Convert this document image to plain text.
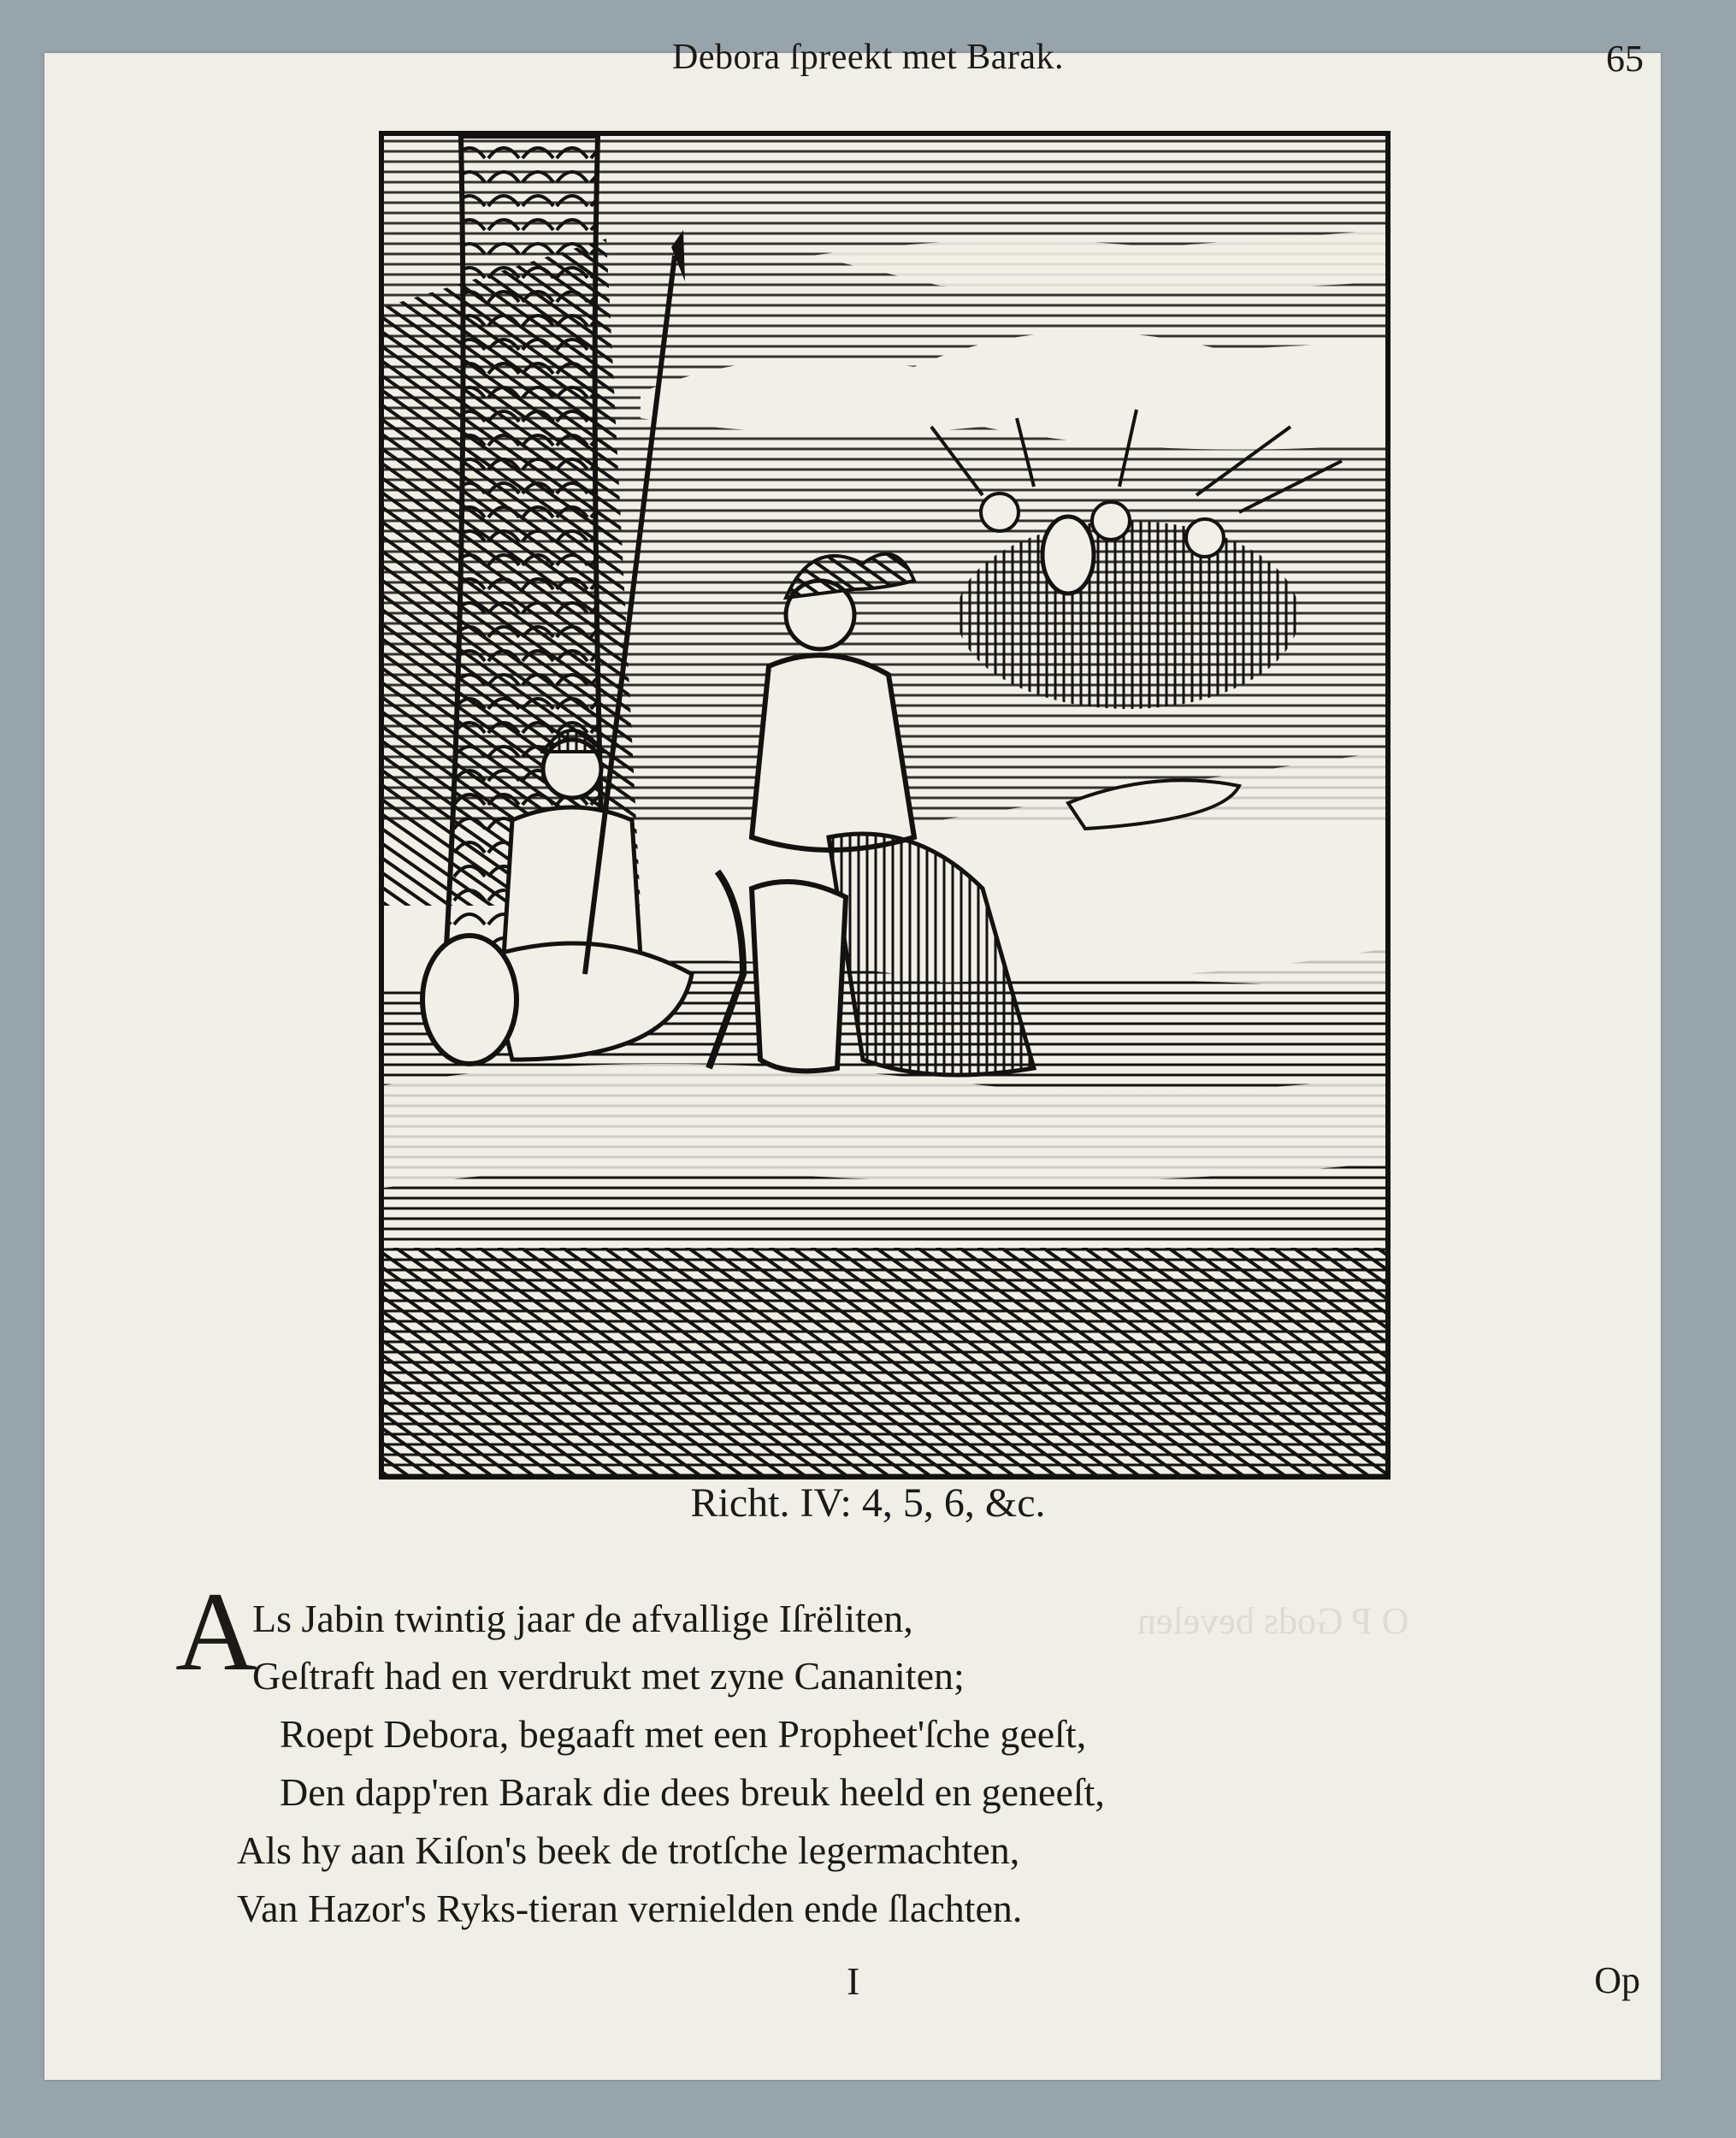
O P Gods bevelen
Debora ſpreekt met Barak.	65
Richt. IV: 4, 5, 6, &c.
A
Ls Jabin twintig jaar de afvallige Iſrëliten,
Geſtraft had en verdrukt met zyne Cananiten;
Roept Debora, begaaft met een Propheet'ſche geeſt,
Den dapp'ren Barak die dees breuk heeld en geneeſt,
Als hy aan Kiſon's beek de trotſche legermachten,
Van Hazor's Ryks-tieran vernielden ende ſlachten.
I	Op
